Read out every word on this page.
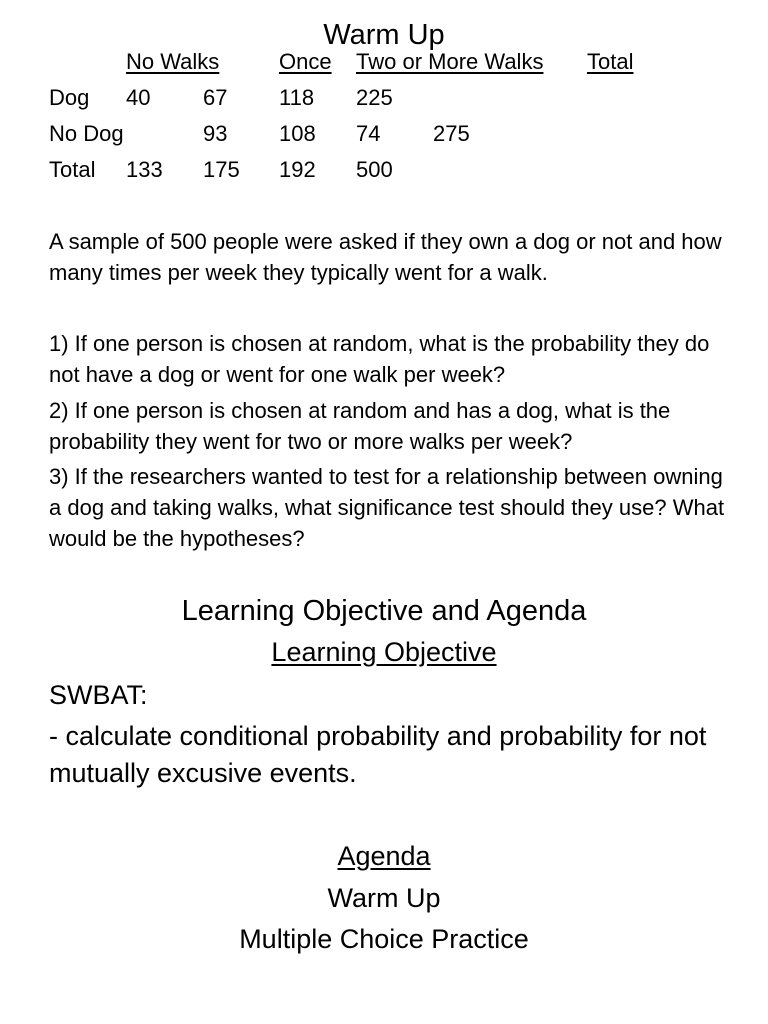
Warm Up
No Walks	Once Two or More Walks Total
Dog 40 67 118 225
No Dog	93 108 74 275
Total 133 175 192 500
A sample of 500 people were asked if they own a dog or not and how many times per week they typically went for a walk.
1) If one person is chosen at random, what is the probability they do not have a dog or went for one walk per week?
2) If one person is chosen at random and has a dog, what is the probability they went for two or more walks per week?
3) If the researchers wanted to test for a relationship between owning a dog and taking walks, what significance test should they use? What would be the hypotheses?
Learning Objective and Agenda
Learning Objective
SWBAT:
- calculate conditional probability and probability for not mutually excusive events.
Agenda
Warm Up
Multiple Choice Practice
